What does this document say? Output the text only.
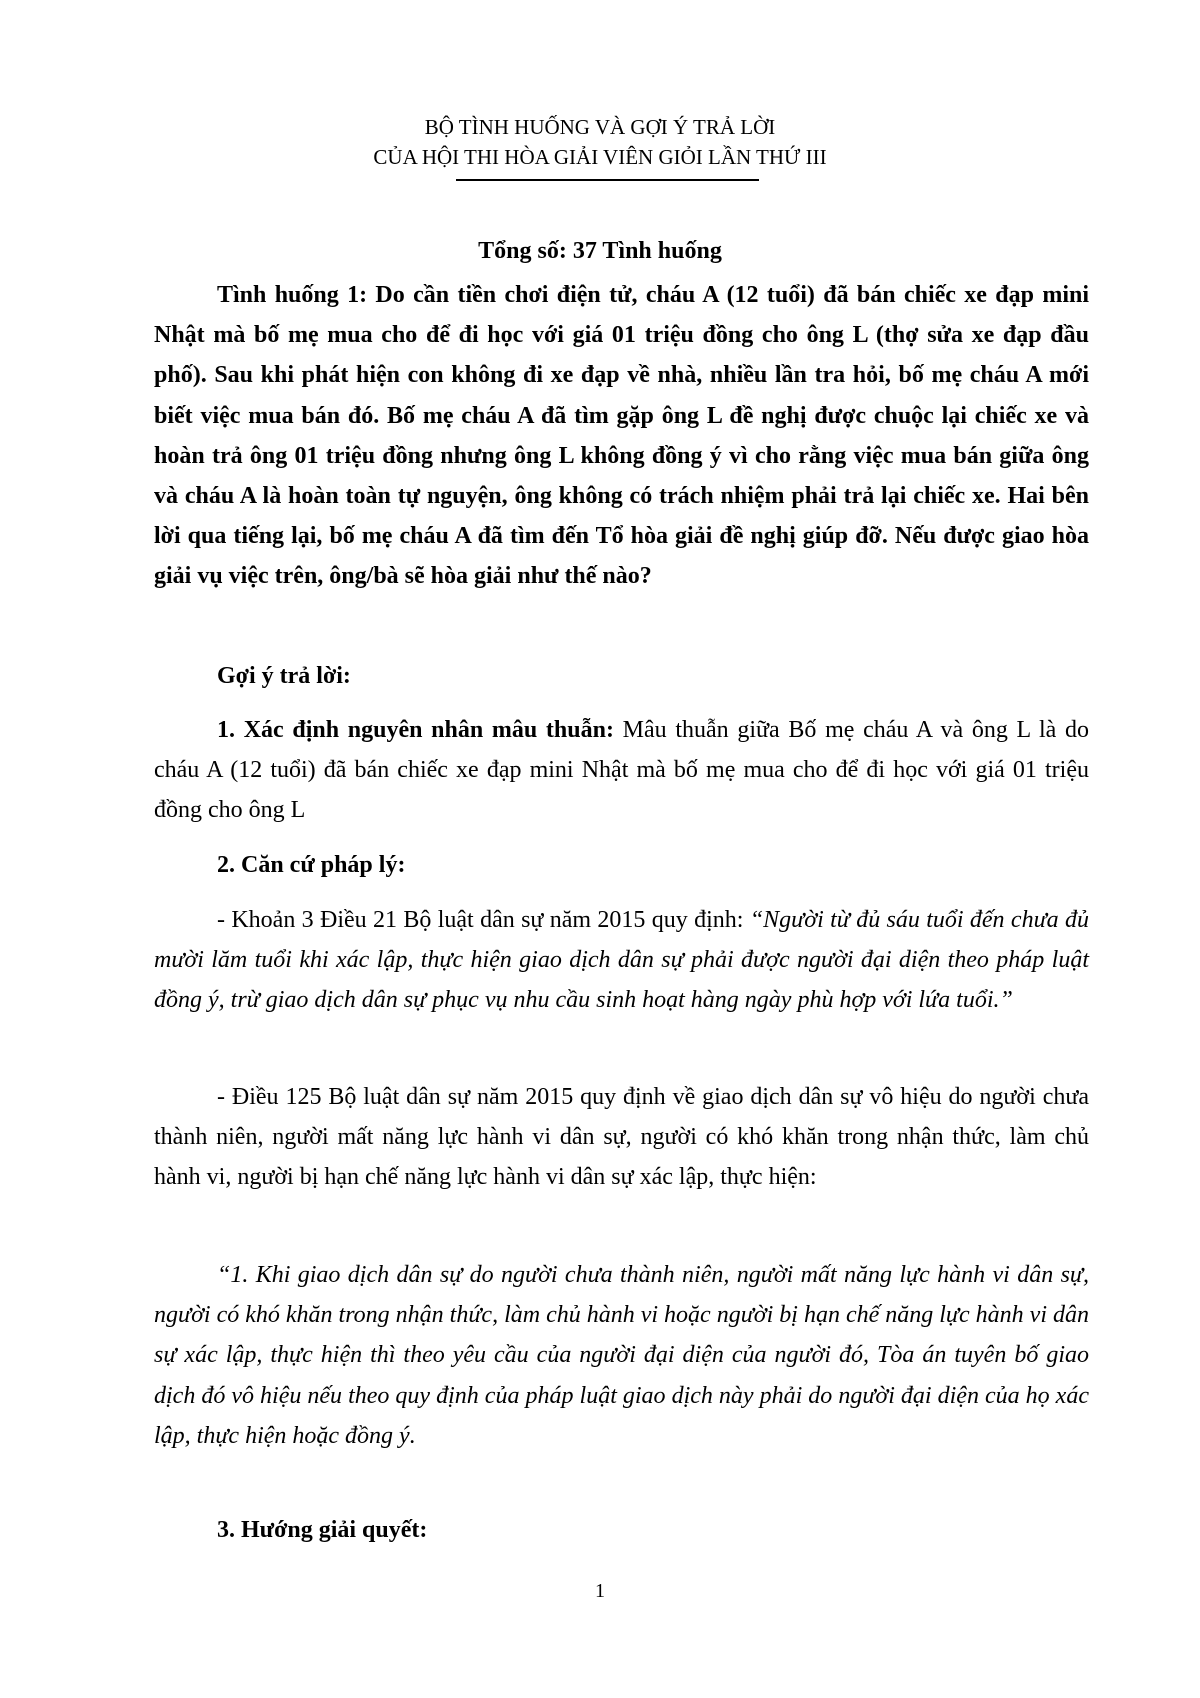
BỘ TÌNH HUỐNG VÀ GỢI Ý TRẢ LỜI
CỦA HỘI THI HÒA GIẢI VIÊN GIỎI LẦN THỨ III
Tổng số: 37 Tình huống

Tình huống 1: Do cần tiền chơi điện tử, cháu A (12 tuổi) đã bán chiếc xe đạp mini Nhật mà bố mẹ mua cho để đi học với giá 01 triệu đồng cho ông L (thợ sửa xe đạp đầu phố). Sau khi phát hiện con không đi xe đạp về nhà, nhiều lần tra hỏi, bố mẹ cháu A mới biết việc mua bán đó. Bố mẹ cháu A đã tìm gặp ông L đề nghị được chuộc lại chiếc xe và hoàn trả ông 01 triệu đồng nhưng ông L không đồng ý vì cho rằng việc mua bán giữa ông và cháu A là hoàn toàn tự nguyện, ông không có trách nhiệm phải trả lại chiếc xe. Hai bên lời qua tiếng lại, bố mẹ cháu A đã tìm đến Tổ hòa giải đề nghị giúp đỡ. Nếu được giao hòa giải vụ việc trên, ông/bà sẽ hòa giải như thế nào?

Gợi ý trả lời:

1. Xác định nguyên nhân mâu thuẫn: Mâu thuẫn giữa Bố mẹ cháu A và ông L là do cháu A (12 tuổi) đã bán chiếc xe đạp mini Nhật mà bố mẹ mua cho để đi học với giá 01 triệu đồng cho ông L

2. Căn cứ pháp lý:

- Khoản 3 Điều 21 Bộ luật dân sự năm 2015 quy định: “Người từ đủ sáu tuổi đến chưa đủ mười lăm tuổi khi xác lập, thực hiện giao dịch dân sự phải được người đại diện theo pháp luật đồng ý, trừ giao dịch dân sự phục vụ nhu cầu sinh hoạt hàng ngày phù hợp với lứa tuổi.”

- Điều 125 Bộ luật dân sự năm 2015 quy định về giao dịch dân sự vô hiệu do người chưa thành niên, người mất năng lực hành vi dân sự, người có khó khăn trong nhận thức, làm chủ hành vi, người bị hạn chế năng lực hành vi dân sự xác lập, thực hiện:

“1. Khi giao dịch dân sự do người chưa thành niên, người mất năng lực hành vi dân sự, người có khó khăn trong nhận thức, làm chủ hành vi hoặc người bị hạn chế năng lực hành vi dân sự xác lập, thực hiện thì theo yêu cầu của người đại diện của người đó, Tòa án tuyên bố giao dịch đó vô hiệu nếu theo quy định của pháp luật giao dịch này phải do người đại diện của họ xác lập, thực hiện hoặc đồng ý.

3. Hướng giải quyết:

1
